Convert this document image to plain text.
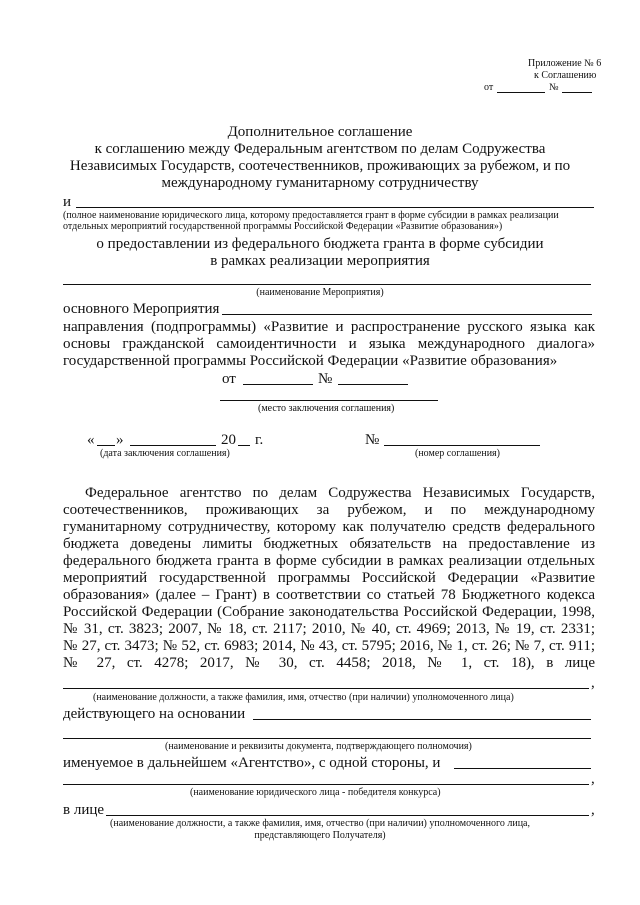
Приложение № 6
к Соглашению
от	№
Дополнительное соглашение
к соглашению между Федеральным агентством по делам Содружества
Независимых Государств, соотечественников, проживающих за рубежом, и по
международному гуманитарному сотрудничеству
и
(полное наименование юридического лица, которому предоставляется грант в форме субсидии в рамках реализации
отдельных мероприятий государственной программы Российской Федерации «Развитие образования»)
о предоставлении из федерального бюджета гранта в форме субсидии
в рамках реализации мероприятия
(наименование Мероприятия)
основного Мероприятия
направления (подпрограммы) «Развитие и распространение русского языка как
основы гражданской самоидентичности и языка международного диалога»
государственной программы Российской Федерации «Развитие образования»
от	№
(место заключения соглашения)
« »	20 г.
(дата заключения соглашения)
№
(номер соглашения)
Федеральное агентство по делам Содружества Независимых Государств,
соотечественников, проживающих за рубежом, и по международному
гуманитарному сотрудничеству, которому как получателю средств федерального
бюджета доведены лимиты бюджетных обязательств на предоставление из
федерального бюджета гранта в форме субсидии в рамках реализации отдельных
мероприятий государственной программы Российской Федерации «Развитие
образования» (далее – Грант) в соответствии со статьей 78 Бюджетного кодекса
Российской Федерации (Собрание законодательства Российской Федерации, 1998,
№ 31, ст. 3823; 2007, № 18, ст. 2117; 2010, № 40, ст. 4969; 2013, № 19, ст. 2331;
№ 27, ст. 3473; № 52, ст. 6983; 2014, № 43, ст. 5795; 2016, № 1, ст. 26; № 7, ст. 911;
№ 27, ст. 4278; 2017, № 30, ст. 4458; 2018, № 1, ст. 18), в лице
,
(наименование должности, а также фамилия, имя, отчество (при наличии) уполномоченного лица)
действующего на основании
(наименование и реквизиты документа, подтверждающего полномочия)
именуемое в дальнейшем «Агентство», с одной стороны, и
,
(наименование юридического лица - победителя конкурса)
в лице	,
(наименование должности, а также фамилия, имя, отчество (при наличии) уполномоченного лица,
представляющего Получателя)
